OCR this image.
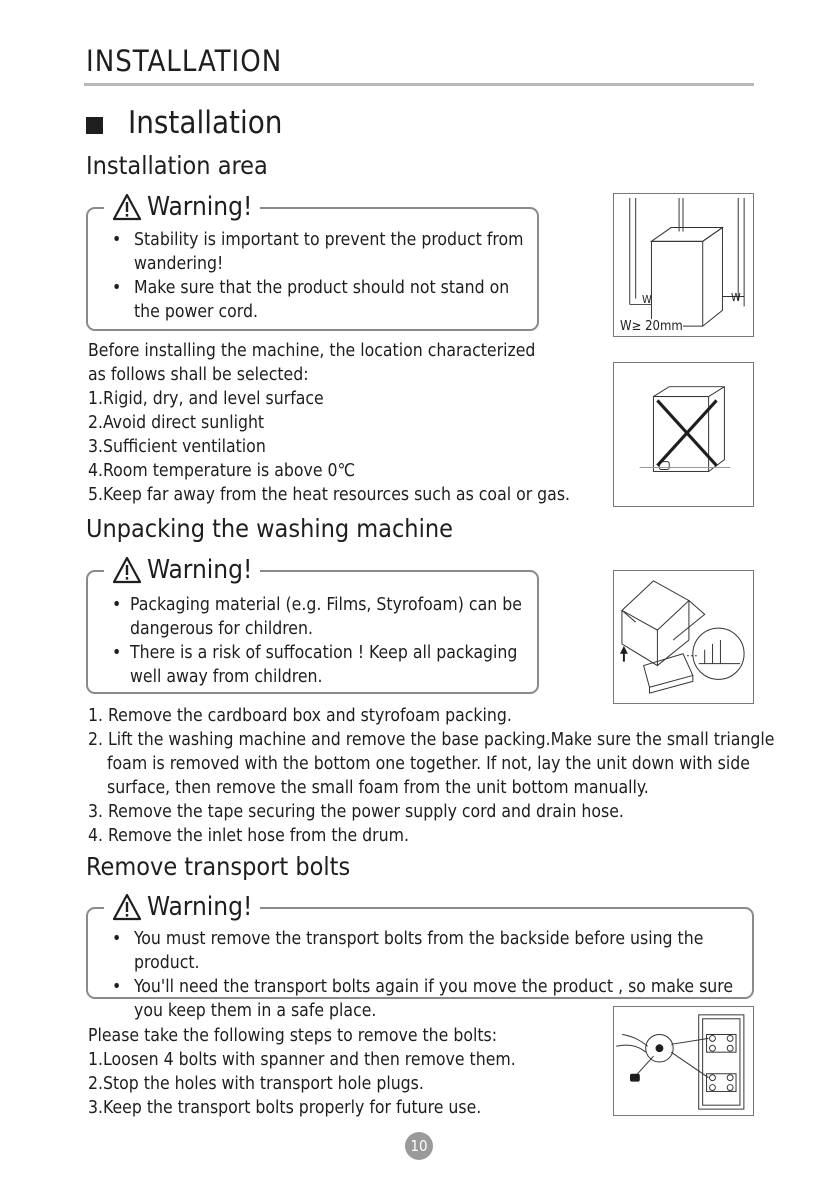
INSTALLATION
Installation
Installation area
• Stability is important to prevent the product from wandering!
• Make sure that the product should not stand on the power cord.
Warning!
Before installing the machine, the location characterized
as follows shall be selected:
1.Rigid, dry, and level surface
2.Avoid direct sunlight
3.Sufficient ventilation
4.Room temperature is above 0℃
5.Keep far away from the heat resources such as coal or gas.
W	W
W≥ 20mm
Unpacking the washing machine
• Packaging material (e.g. Films, Styrofoam) can be dangerous for children.
• There is a risk of suffocation ! Keep all packaging well away from children.
Warning!
1. Remove the cardboard box and styrofoam packing.
2. Lift the washing machine and remove the base packing.Make sure the small triangle foam is removed with the bottom one together. If not, lay the unit down with side surface, then remove the small foam from the unit bottom manually.
3. Remove the tape securing the power supply cord and drain hose.
4. Remove the inlet hose from the drum.
Remove transport bolts
• You must remove the transport bolts from the backside before using the product.
• You'll need the transport bolts again if you move the product , so make sure you keep them in a safe place.
Warning!
Please take the following steps to remove the bolts:
1.Loosen 4 bolts with spanner and then remove them.
2.Stop the holes with transport hole plugs.
3.Keep the transport bolts properly for future use.
10
